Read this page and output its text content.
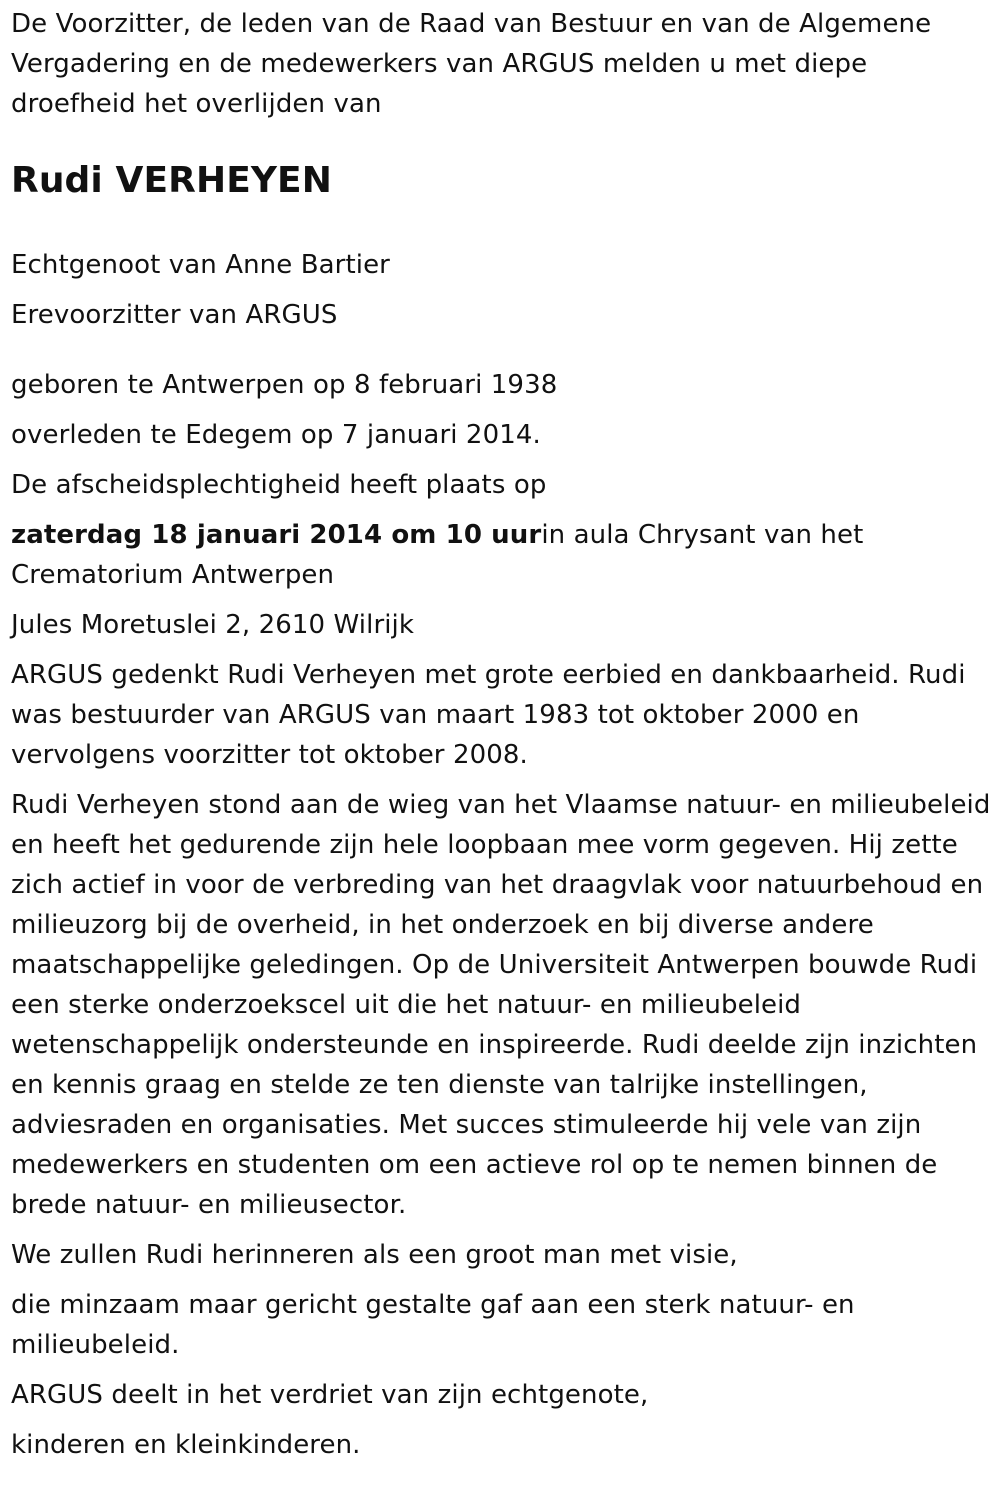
De Voorzitter, de leden van de Raad van Bestuur en van de Algemene Vergadering en de medewerkers van ARGUS melden u met diepe droefheid het overlijden van

Rudi VERHEYEN

Echtgenoot van Anne Bartier

Erevoorzitter van ARGUS

geboren te Antwerpen op 8 februari 1938

overleden te Edegem op 7 januari 2014.

De afscheidsplechtigheid heeft plaats op

zaterdag 18 januari 2014 om 10 uurin aula Chrysant van het Crematorium Antwerpen

Jules Moretuslei 2, 2610 Wilrijk

ARGUS gedenkt Rudi Verheyen met grote eerbied en dankbaarheid. Rudi was bestuurder van ARGUS van maart 1983 tot oktober 2000 en vervolgens voorzitter tot oktober 2008.

Rudi Verheyen stond aan de wieg van het Vlaamse natuur- en milieubeleid en heeft het gedurende zijn hele loopbaan mee vorm gegeven. Hij zette zich actief in voor de verbreding van het draagvlak voor natuurbehoud en milieuzorg bij de overheid, in het onderzoek en bij diverse andere maatschappelijke geledingen. Op de Universiteit Antwerpen bouwde Rudi een sterke onderzoekscel uit die het natuur- en milieubeleid wetenschappelijk ondersteunde en inspireerde. Rudi deelde zijn inzichten en kennis graag en stelde ze ten dienste van talrijke instellingen, adviesraden en organisaties. Met succes stimuleerde hij vele van zijn medewerkers en studenten om een actieve rol op te nemen binnen de brede natuur- en milieusector.

We zullen Rudi herinneren als een groot man met visie,

die minzaam maar gericht gestalte gaf aan een sterk natuur- en milieubeleid.

ARGUS deelt in het verdriet van zijn echtgenote,

kinderen en kleinkinderen.
